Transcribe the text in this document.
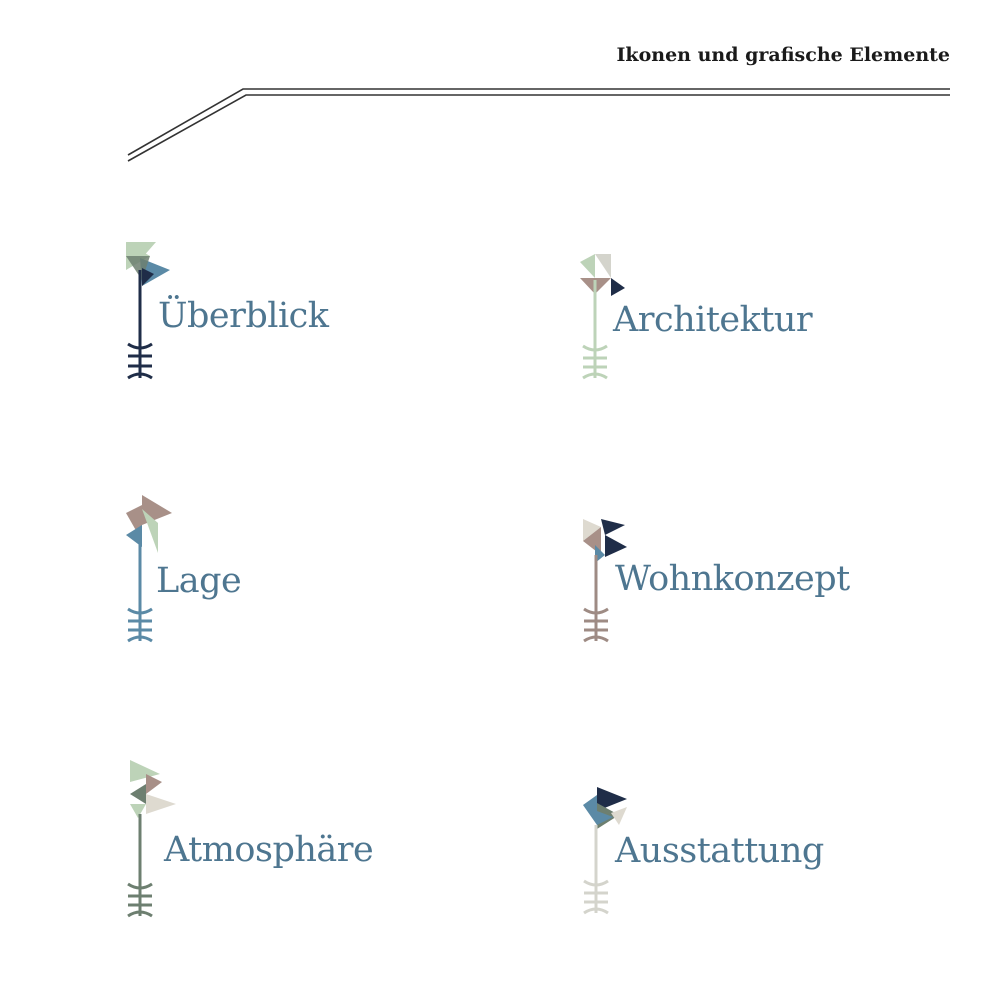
Ikonen und grafische Elemente
Überblick	Architektur
Lage	Wohnkonzept
Atmosphäre	Ausstattung
